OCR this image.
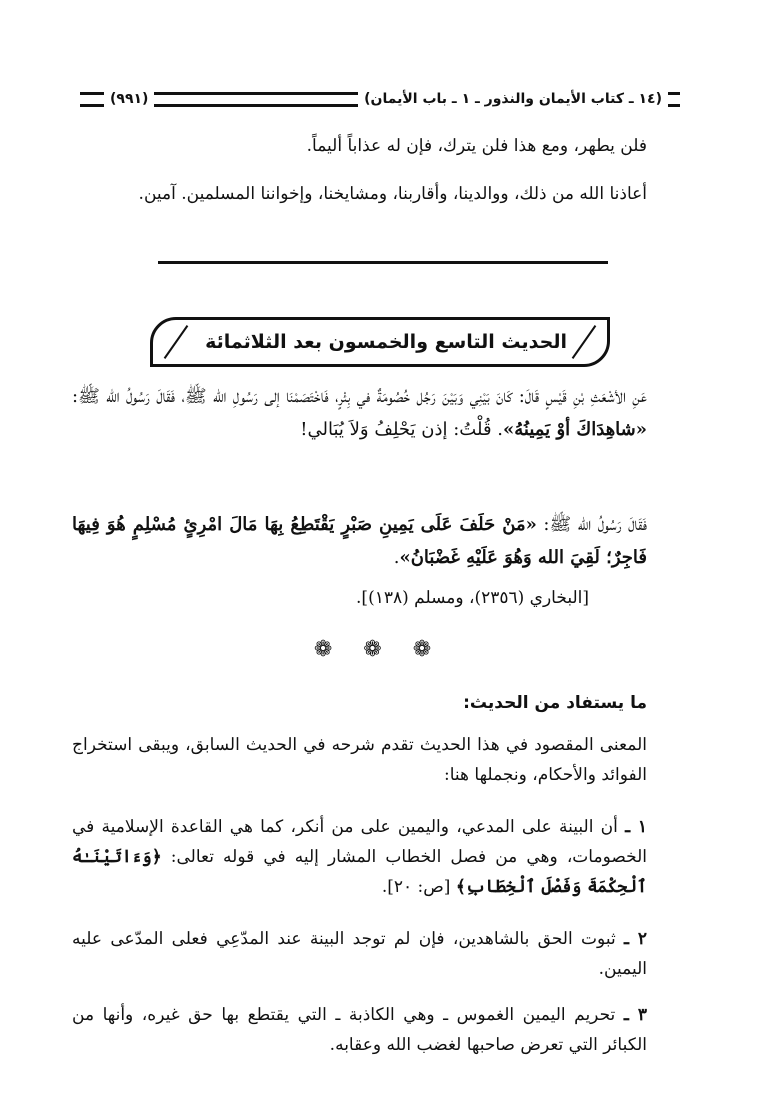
(١٤ ـ كتاب الأيمان والنذور ـ ١ ـ باب الأيمان)
(٩٩١)

فلن يطهر، ومع هذا فلن يترك، فإن له عذاباً أليماً.

أعاذنا الله من ذلك، ووالدينا، وأقاربنا، ومشايخنا، وإخواننا المسلمين. آمين.

الحديث التاسع والخمسون بعد الثلاثمائة

عَنِ الأشْعَثِ بْنِ قَيْسٍ قَالَ: كَانَ بَيْنِي وَبَيْنَ رَجُل خُصُومَةٌ في بِئْرٍ، فَاخْتَصَمْنَا إلى رَسُولِ الله ﷺ، فَقَالَ رَسُولُ الله ﷺ: «شاهِدَاكَ أوْ يَمِينُهُ». قُلْتُ: إذن يَحْلِفُ وَلاَ يُبَالي!

فَقَالَ رَسُولُ الله ﷺ: «مَنْ حَلَفَ عَلَى يَمِينِ صَبْرٍ يَقْتَطِعُ بِهَا مَالَ امْرِئٍ مُسْلِمٍ هُوَ فِيهَا فَاجِرٌ؛ لَقِيَ الله وَهُوَ عَلَيْهِ غَضْبَانُ».

[البخاري (٢٣٥٦)، ومسلم (١٣٨)].
❁ ❁ ❁
ما يستفاد من الحديث:

المعنى المقصود في هذا الحديث تقدم شرحه في الحديث السابق، ويبقى استخراج الفوائد والأحكام، ونجملها هنا:

١ ـ أن البينة على المدعي، واليمين على من أنكر، كما هي القاعدة الإسلامية في الخصومات، وهي من فصل الخطاب المشار إليه في قوله تعالى: ﴿وَءَاتَيْنَـٰهُ ٱلْحِكْمَةَ وَفَصْلَ ٱلْخِطَابِ﴾ [ص: ٢٠].

٢ ـ ثبوت الحق بالشاهدين، فإن لم توجد البينة عند المدّعِي فعلى المدّعى عليه اليمين.

٣ ـ تحريم اليمين الغموس ـ وهي الكاذبة ـ التي يقتطع بها حق غيره، وأنها من الكبائر التي تعرض صاحبها لغضب الله وعقابه.
